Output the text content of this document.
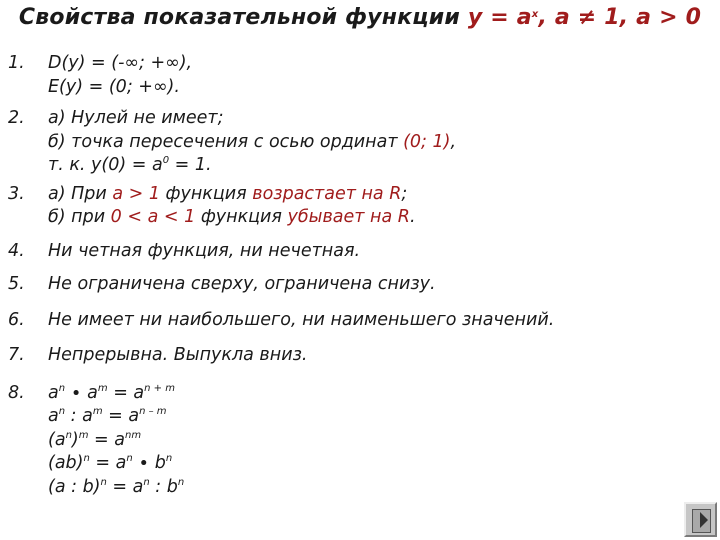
Свойства показательной функции $y = a^x$, a ≠ 1, a > 0
1.	D(y) = (-∞; +∞),
E(y) = (0; +∞).
2.	а) Нулей не имеет;
б) точка пересечения с осью ординат (0; 1),
т. к. $y(0) = a^0 = 1$.
3.	а) При a > 1 функция возрастает на R;
б) при 0 < a < 1 функция убывает на R.
4.	Ни четная функция, ни нечетная.
5.	Не ограничена сверху, ограничена снизу.
6.	Не имеет ни наибольшего, ни наименьшего значений.
7.	Непрерывна. Выпукла вниз.
8.	$a^n \cdot a^m = a^{n + m}$
$a^n$ : $a^m = a^{n - m}$
$(a^n)^m = a^{nm}$
$(ab)^n = a^n \cdot b^n$
(a : $b)^n = a^n$ : $b^n$
